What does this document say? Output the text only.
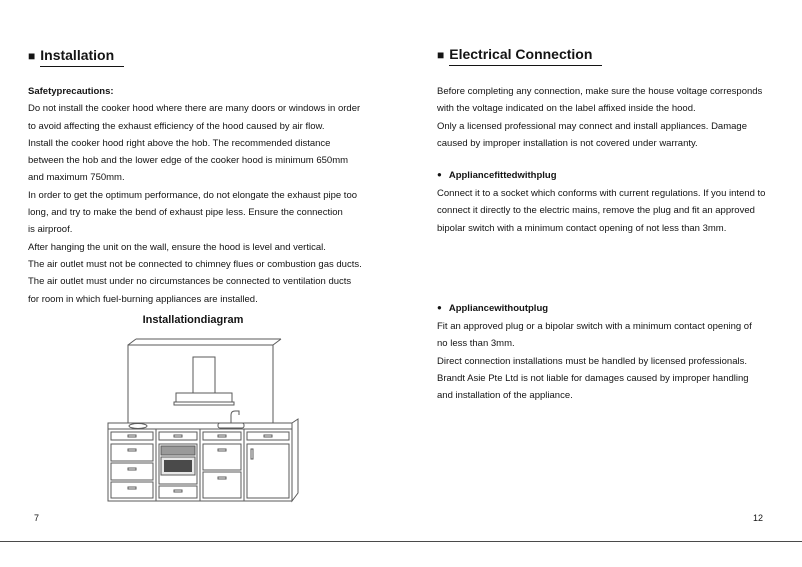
■ Installation
Safetyprecautions:
Do not install the cooker hood where there are many doors or windows in order
to avoid affecting the exhaust efficiency of the hood caused by air flow.
Install the cooker hood right above the hob. The recommended distance
between the hob and the lower edge of the cooker hood is minimum 650mm
and maximum 750mm.
In order to get the optimum performance, do not elongate the exhaust pipe too
long, and try to make the bend of exhaust pipe less. Ensure the connection
is airproof.
After hanging the unit on the wall, ensure the hood is level and vertical.
The air outlet must not be connected to chimney flues or combustion gas ducts.
The air outlet must under no circumstances be connected to ventilation ducts
for room in which fuel-burning appliances are installed.
Installationdiagram
7
■ Electrical Connection
Before completing any connection, make sure the house voltage corresponds
with the voltage indicated on the label affixed inside the hood.
Only a licensed professional may connect and install appliances. Damage
caused by improper installation is not covered under warranty.
● Appliancefittedwithplug
Connect it to a socket which conforms with current regulations. If you intend to
connect it directly to the electric mains, remove the plug and fit an approved
bipolar switch with a minimum contact opening of not less than 3mm.
● Appliancewithoutplug
Fit an approved plug or a bipolar switch with a minimum contact opening of
no less than 3mm.
Direct connection installations must be handled by licensed professionals.
Brandt Asie Pte Ltd is not liable for damages caused by improper handling
and installation of the appliance.
12
